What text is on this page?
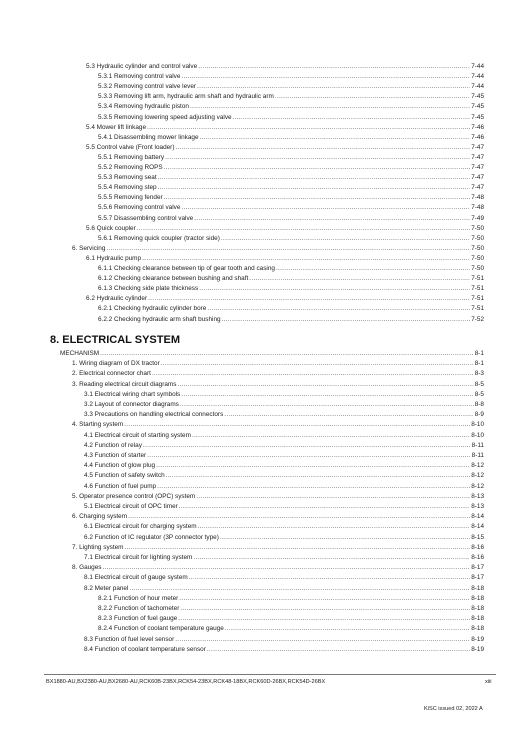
5.3 Hydraulic cylinder and control valve .....	7-44
5.3.1 Removing control valve .....	7-44
5.3.2 Removing control valve lever .....	7-44
5.3.3 Removing lift arm, hydraulic arm shaft and hydraulic arm .....	7-45
5.3.4 Removing hydraulic piston .....	7-45
5.3.5 Removing lowering speed adjusting valve .....	7-45
5.4 Mower lift linkage .....	7-46
5.4.1 Disassembling mower linkage .....	7-46
5.5 Control valve (Front loader) .....	7-47
5.5.1 Removing battery .....	7-47
5.5.2 Removing ROPS .....	7-47
5.5.3 Removing seat .....	7-47
5.5.4 Removing step .....	7-47
5.5.5 Removing fender .....	7-48
5.5.6 Removing control valve .....	7-48
5.5.7 Disassembling control valve .....	7-49
5.6 Quick coupler .....	7-50
5.6.1 Removing quick coupler (tractor side) .....	7-50
6. Servicing .....	7-50
6.1 Hydraulic pump .....	7-50
6.1.1 Checking clearance between tip of gear tooth and casing .....	7-50
6.1.2 Checking clearance between bushing and shaft .....	7-51
6.1.3 Checking side plate thickness .....	7-51
6.2 Hydraulic cylinder .....	7-51
6.2.1 Checking hydraulic cylinder bore .....	7-51
6.2.2 Checking hydraulic arm shaft bushing .....	7-52
8. ELECTRICAL SYSTEM
MECHANISM .....	8-1
1. Wiring diagram of DX tractor .....	8-1
2. Electrical connector chart .....	8-3
3. Reading electrical circuit diagrams .....	8-5
3.1 Electrical wiring chart symbols .....	8-5
3.2 Layout of connector diagrams .....	8-8
3.3 Precautions on handling electrical connectors .....	8-9
4. Starting system .....	8-10
4.1 Electrical circuit of starting system .....	8-10
4.2 Function of relay .....	8-11
4.3 Function of starter .....	8-11
4.4 Function of glow plug .....	8-12
4.5 Function of safety switch .....	8-12
4.6 Function of fuel pump .....	8-12
5. Operator presence control (OPC) system .....	8-13
5.1 Electrical circuit of OPC timer .....	8-13
6. Charging system .....	8-14
6.1 Electrical circuit for charging system .....	8-14
6.2 Function of IC regulator (3P connector type) .....	8-15
7. Lighting system .....	8-16
7.1 Electrical circuit for lighting system .....	8-16
8. Gauges .....	8-17
8.1 Electrical circuit of gauge system .....	8-17
8.2 Meter panel .....	8-18
8.2.1 Function of hour meter .....	8-18
8.2.2 Function of tachometer .....	8-18
8.2.3 Function of fuel gauge .....	8-18
8.2.4 Function of coolant temperature gauge .....	8-18
8.3 Function of fuel level sensor .....	8-19
8.4 Function of coolant temperature sensor .....	8-19
BX1880-AU,BX2380-AU,BX2680-AU,RCK60B-23BX,RCK54-23BX,RCK48-18BX,RCK60D-26BX,RCK54D-26BX	xiii
KiSC issued 02, 2022 A
